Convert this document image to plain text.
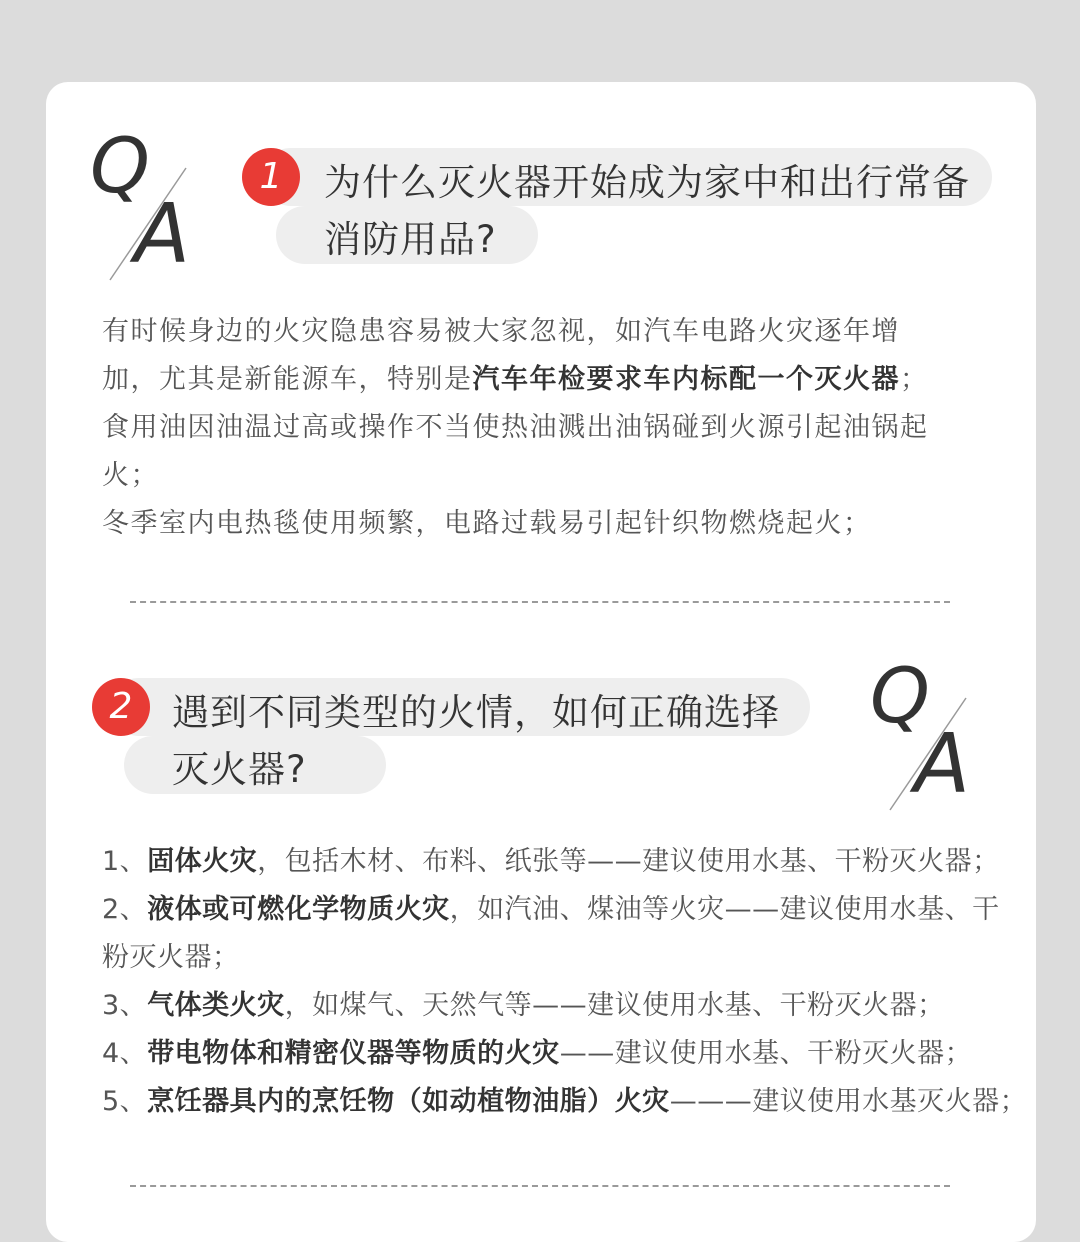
Q
A
1	为什么灭火器开始成为家中和出行常备
消防用品?

有时候身边的火灾隐患容易被大家忽视，如汽车电路火灾逐年增

加，尤其是新能源车，特别是汽车年检要求车内标配一个灭火器；

食用油因油温过高或操作不当使热油溅出油锅碰到火源引起油锅起

火；

冬季室内电热毯使用频繁，电路过载易引起针织物燃烧起火；

2	遇到不同类型的火情，如何正确选择
灭火器?
Q
A

1、固体火灾，包括木材、布料、纸张等——建议使用水基、干粉灭火器；

2、液体或可燃化学物质火灾，如汽油、煤油等火灾——建议使用水基、干

粉灭火器；

3、气体类火灾，如煤气、天然气等——建议使用水基、干粉灭火器；

4、带电物体和精密仪器等物质的火灾——建议使用水基、干粉灭火器；

5、烹饪器具内的烹饪物（如动植物油脂）火灾———建议使用水基灭火器；
